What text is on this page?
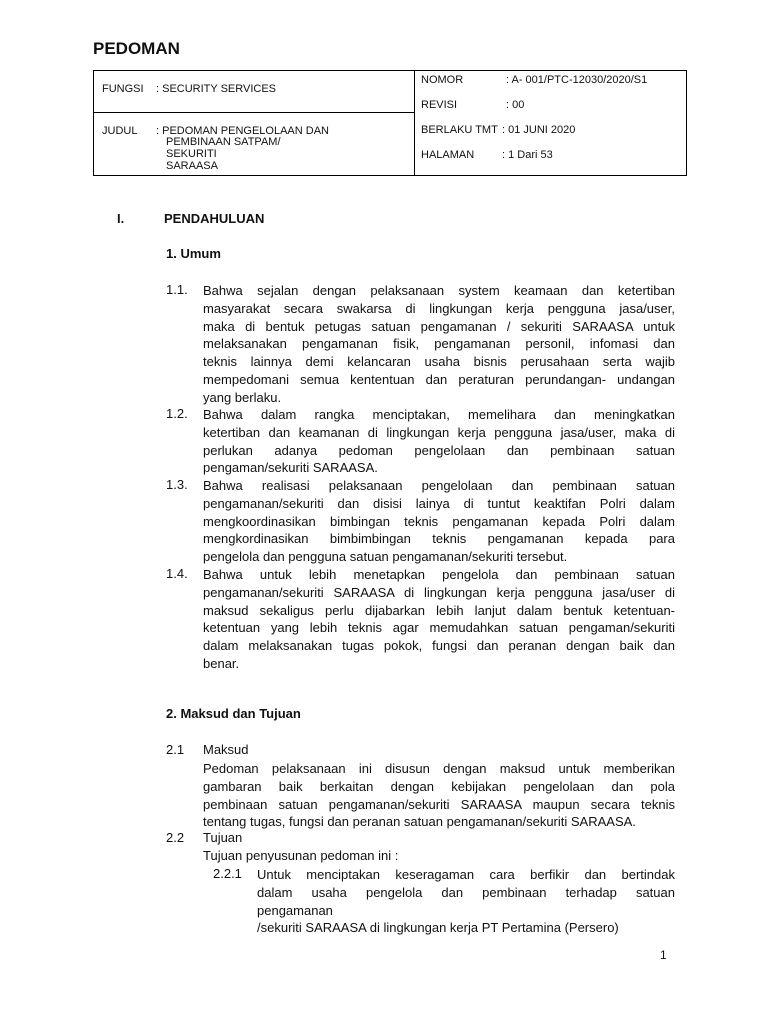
PEDOMAN
FUNGSI : SECURITY SERVICES
JUDUL : PEDOMAN PENGELOLAAN DAN
PEMBINAAN SATPAM/
SEKURITI
SARAASA
NOMOR	: A- 001/PTC-12030/2020/S1
REVISI	: 00
BERLAKU TMT : 01 JUNI 2020
HALAMAN	: 1 Dari 53
I.	PENDAHULUAN
1. Umum
1.1. Bahwa sejalan dengan pelaksanaan system keamaan dan ketertiban
masyarakat secara swakarsa di lingkungan kerja pengguna jasa/user,
maka di bentuk petugas satuan pengamanan / sekuriti SARAASA untuk
melaksanakan pengamanan fisik, pengamanan personil, infomasi dan
teknis lainnya demi kelancaran usaha bisnis perusahaan serta wajib
mempedomani semua kententuan dan peraturan perundangan- undangan
yang berlaku.
1.2. Bahwa dalam rangka menciptakan, memelihara dan meningkatkan
ketertiban dan keamanan di lingkungan kerja pengguna jasa/user, maka di
perlukan adanya pedoman pengelolaan dan pembinaan satuan
pengaman/sekuriti SARAASA.
1.3. Bahwa realisasi pelaksanaan pengelolaan dan pembinaan satuan
pengamanan/sekuriti dan disisi lainya di tuntut keaktifan Polri dalam
mengkoordinasikan bimbingan teknis pengamanan kepada Polri dalam
mengkordinasikan bimbimbingan teknis pengamanan kepada para
pengelola dan pengguna satuan pengamanan/sekuriti tersebut.
1.4. Bahwa untuk lebih menetapkan pengelola dan pembinaan satuan
pengamanan/sekuriti SARAASA di lingkungan kerja pengguna jasa/user di
maksud sekaligus perlu dijabarkan lebih lanjut dalam bentuk ketentuan-
ketentuan yang lebih teknis agar memudahkan satuan pengaman/sekuriti
dalam melaksanakan tugas pokok, fungsi dan peranan dengan baik dan
benar.
2. Maksud dan Tujuan
2.1 Maksud
Pedoman pelaksanaan ini disusun dengan maksud untuk memberikan
gambaran baik berkaitan dengan kebijakan pengelolaan dan pola
pembinaan satuan pengamanan/sekuriti SARAASA maupun secara teknis
tentang tugas, fungsi dan peranan satuan pengamanan/sekuriti SARAASA.
2.2 Tujuan
Tujuan penyusunan pedoman ini :
2.2.1 Untuk menciptakan keseragaman cara berfikir dan bertindak
dalam usaha pengelola dan pembinaan terhadap satuan
pengamanan
/sekuriti SARAASA di lingkungan kerja PT Pertamina (Persero)
1
